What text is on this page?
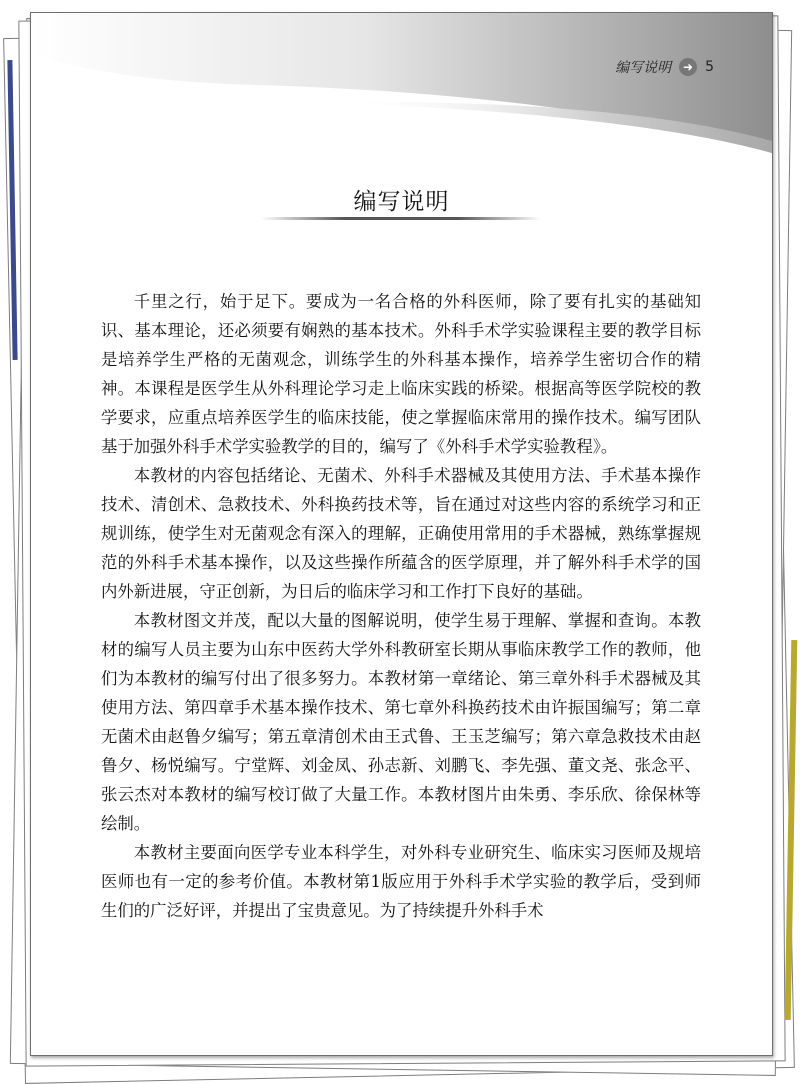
编写说明 ➜ 5
编写说明

千里之行，始于足下。要成为一名合格的外科医师，除了要有扎实的基础知识、基本理论，还必须要有娴熟的基本技术。外科手术学实验课程主要的教学目标是培养学生严格的无菌观念，训练学生的外科基本操作，培养学生密切合作的精神。本课程是医学生从外科理论学习走上临床实践的桥梁。根据高等医学院校的教学要求，应重点培养医学生的临床技能，使之掌握临床常用的操作技术。编写团队基于加强外科手术学实验教学的目的，编写了《外科手术学实验教程》。

本教材的内容包括绪论、无菌术、外科手术器械及其使用方法、手术基本操作技术、清创术、急救技术、外科换药技术等，旨在通过对这些内容的系统学习和正规训练，使学生对无菌观念有深入的理解，正确使用常用的手术器械，熟练掌握规范的外科手术基本操作，以及这些操作所蕴含的医学原理，并了解外科手术学的国内外新进展，守正创新，为日后的临床学习和工作打下良好的基础。

本教材图文并茂，配以大量的图解说明，使学生易于理解、掌握和查询。本教材的编写人员主要为山东中医药大学外科教研室长期从事临床教学工作的教师，他们为本教材的编写付出了很多努力。本教材第一章绪论、第三章外科手术器械及其使用方法、第四章手术基本操作技术、第七章外科换药技术由许振国编写；第二章无菌术由赵鲁夕编写；第五章清创术由王式鲁、王玉芝编写；第六章急救技术由赵鲁夕、杨悦编写。宁堂辉、刘金凤、孙志新、刘鹏飞、李先强、董文尧、张念平、张云杰对本教材的编写校订做了大量工作。本教材图片由朱勇、李乐欣、徐保林等绘制。

本教材主要面向医学专业本科学生，对外科专业研究生、临床实习医师及规培医师也有一定的参考价值。本教材第1版应用于外科手术学实验的教学后，受到师生们的广泛好评，并提出了宝贵意见。为了持续提升外科手术
